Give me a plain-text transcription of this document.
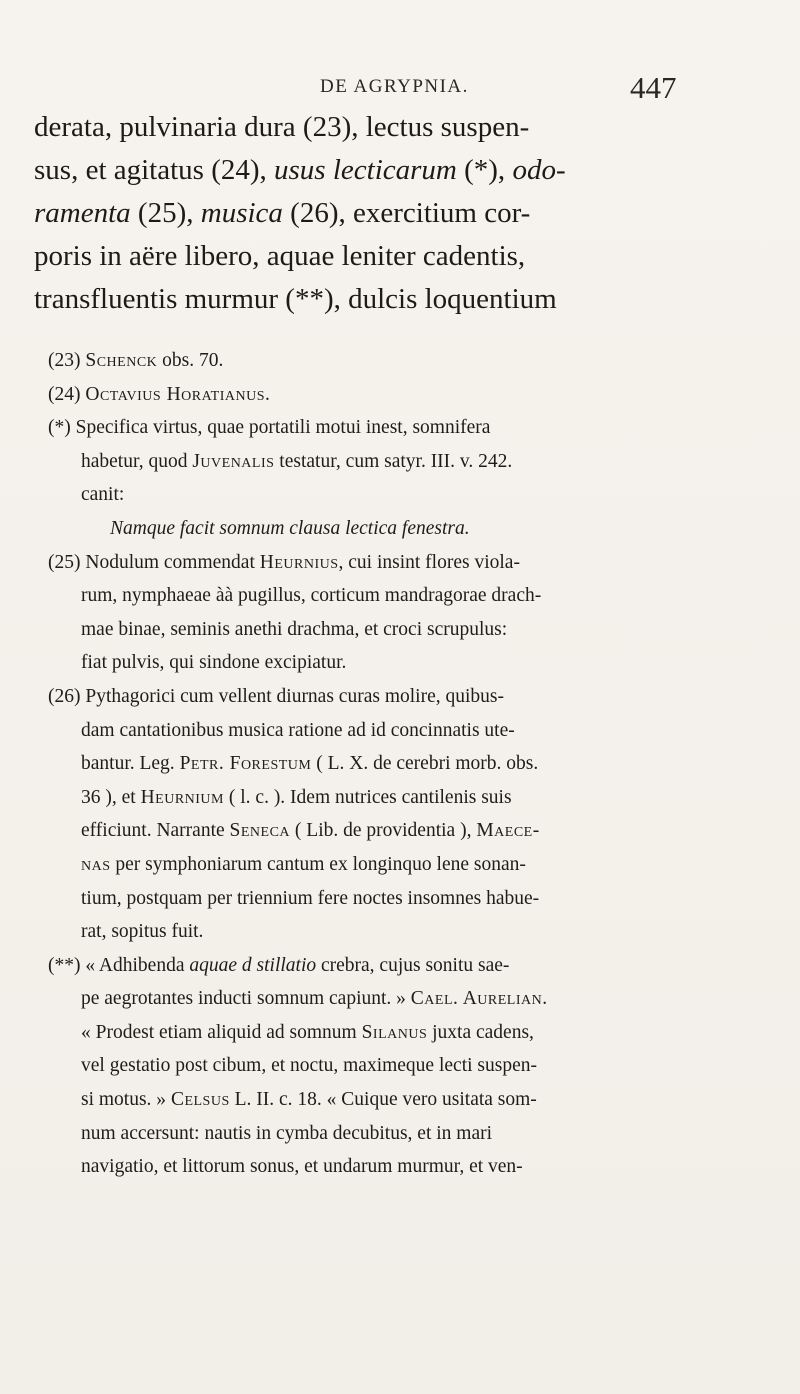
DE AGRYPNIA.	447
derata, pulvinaria dura (23), lectus suspen-
sus, et agitatus (24), usus lecticarum (*), odo-
ramenta (25), musica (26), exercitium cor-
poris in aëre libero, aquae leniter cadentis,
transfluentis murmur (**), dulcis loquentium
(23) Schenck obs. 70.
(24) Octavius Horatianus.
(*) Specifica virtus, quae portatili motui inest, somnifera
habetur, quod Juvenalis testatur, cum satyr. III. v. 242.
canit:
Namque facit somnum clausa lectica fenestra.
(25) Nodulum commendat Heurnius, cui insint flores viola-
rum, nymphaeae àà pugillus, corticum mandragorae drach-
mae binae, seminis anethi drachma, et croci scrupulus:
fiat pulvis, qui sindone excipiatur.
(26) Pythagorici cum vellent diurnas curas molire, quibus-
dam cantationibus musica ratione ad id concinnatis ute-
bantur. Leg. Petr. Forestum ( L. X. de cerebri morb. obs.
36 ), et Heurnium ( l. c. ). Idem nutrices cantilenis suis
efficiunt. Narrante Seneca ( Lib. de providentia ), Maece-
nas per symphoniarum cantum ex longinquo lene sonan-
tium, postquam per triennium fere noctes insomnes habue-
rat, sopitus fuit.
(**) « Adhibenda aquae d stillatio crebra, cujus sonitu sae-
pe aegrotantes inducti somnum capiunt. » Cael. Aurelian.
« Prodest etiam aliquid ad somnum Silanus juxta cadens,
vel gestatio post cibum, et noctu, maximeque lecti suspen-
si motus. » Celsus L. II. c. 18. « Cuique vero usitata som-
num accersunt: nautis in cymba decubitus, et in mari
navigatio, et littorum sonus, et undarum murmur, et ven-
